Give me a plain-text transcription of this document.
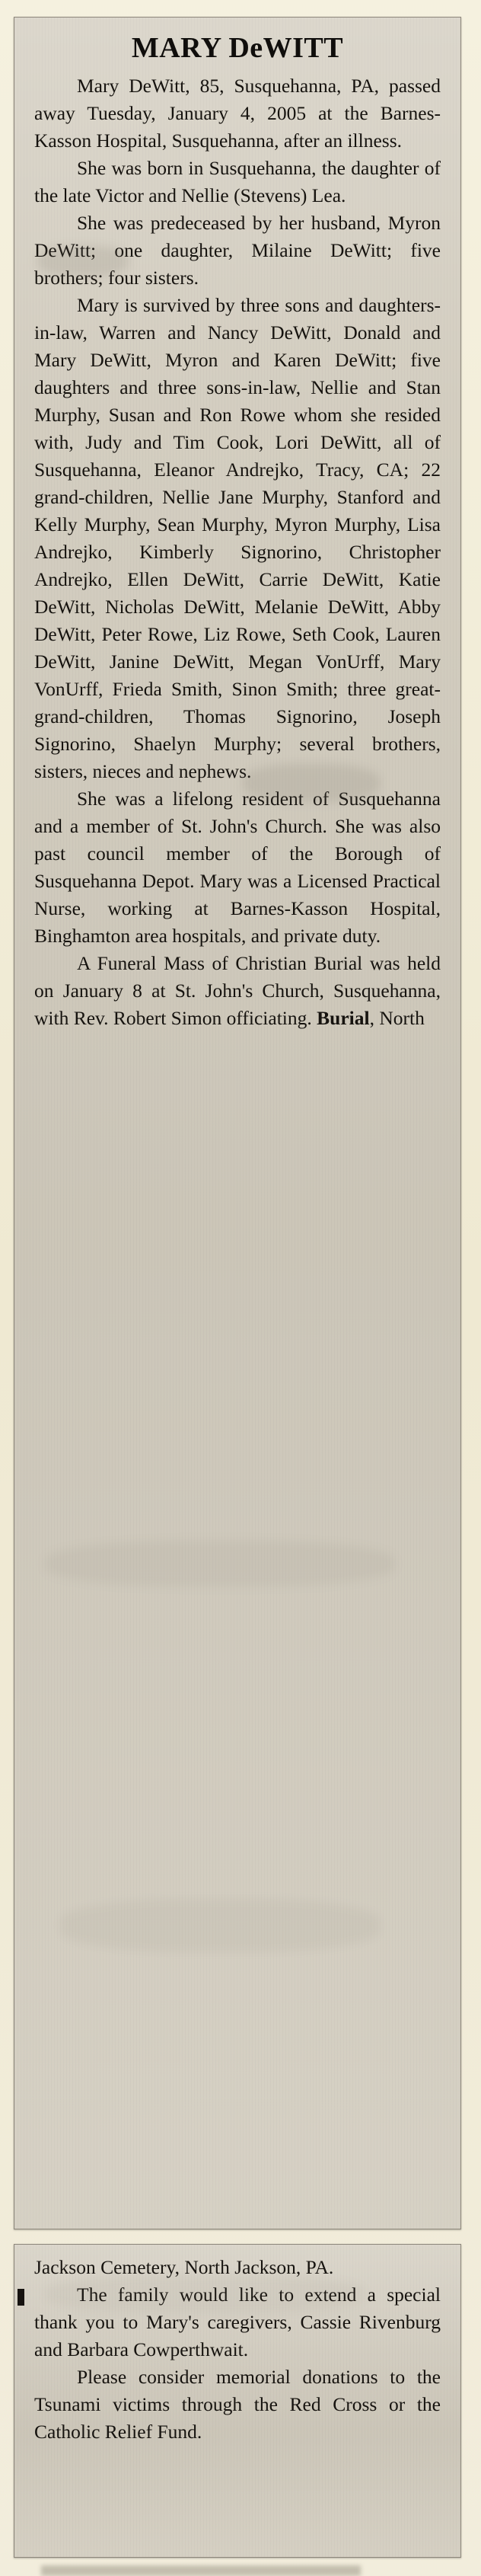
MARY DeWITT

Mary DeWitt, 85, Susquehanna, PA, passed away Tuesday, January 4, 2005 at the Barnes-Kasson Hospital, Susquehanna, after an illness.

She was born in Susquehanna, the daughter of the late Victor and Nellie (Stevens) Lea.

She was predeceased by her husband, Myron DeWitt; one daughter, Milaine DeWitt; five brothers; four sisters.

Mary is survived by three sons and daughters-in-law, Warren and Nancy DeWitt, Donald and Mary DeWitt, Myron and Karen DeWitt; five daughters and three sons-in-law, Nellie and Stan Murphy, Susan and Ron Rowe whom she resided with, Judy and Tim Cook, Lori DeWitt, all of Susquehanna, Eleanor Andrejko, Tracy, CA; 22 grand-children, Nellie Jane Murphy, Stanford and Kelly Murphy, Sean Murphy, Myron Murphy, Lisa Andrejko, Kimberly Signorino, Christopher Andrejko, Ellen DeWitt, Carrie DeWitt, Katie DeWitt, Nicholas DeWitt, Melanie DeWitt, Abby DeWitt, Peter Rowe, Liz Rowe, Seth Cook, Lauren DeWitt, Janine DeWitt, Megan VonUrff, Mary VonUrff, Frieda Smith, Sinon Smith; three great-grand-children, Thomas Signorino, Joseph Signorino, Shaelyn Murphy; several brothers, sisters, nieces and nephews.

She was a lifelong resident of Susquehanna and a member of St. John's Church. She was also past council member of the Borough of Susquehanna Depot. Mary was a Licensed Practical Nurse, working at Barnes-Kasson Hospital, Binghamton area hospitals, and private duty.

A Funeral Mass of Christian Burial was held on January 8 at St. John's Church, Susquehanna, with Rev. Robert Simon officiating. Burial, North

Jackson Cemetery, North Jackson, PA.

The family would like to extend a special thank you to Mary's caregivers, Cassie Rivenburg and Barbara Cowperthwait.

Please consider memorial donations to the Tsunami victims through the Red Cross or the Catholic Relief Fund.
